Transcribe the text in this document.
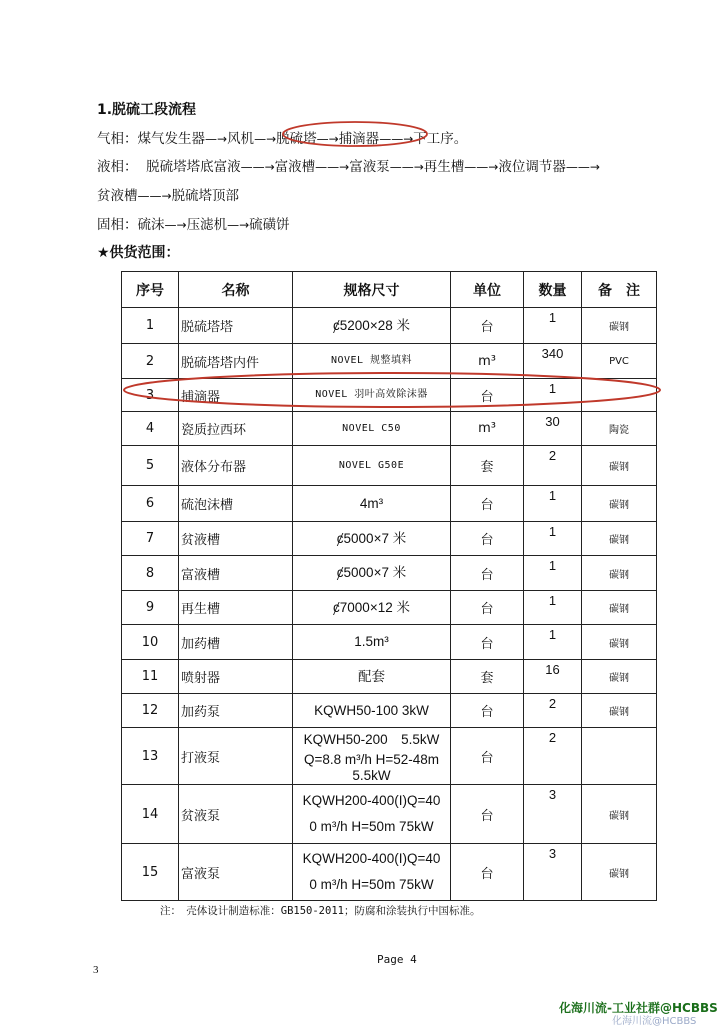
1.脱硫工段流程
气相：煤气发生器—→风机—→脱硫塔—→捕滴器——→下工序。
液相： 脱硫塔塔底富液——→富液槽——→富液泵——→再生槽——→液位调节器——→
贫液槽——→脱硫塔顶部
固相：硫沫—→压滤机—→硫磺饼
★供货范围：
序号	名称	规格尺寸	单位	数量	备　注
1	脱硫塔塔	ȼ5200×28 米	台	1	碳钢
2	脱硫塔塔内件	NOVEL 规整填料	m³	340	PVC
3	捕滴器	NOVEL 羽叶高效除沫器	台	1	
4	瓷质拉西环	NOVEL C50	m³	30	陶瓷
5	液体分布器	NOVEL G50E	套	2	碳钢
6	硫泡沫槽	4m³	台	1	碳钢
7	贫液槽	ȼ5000×7 米	台	1	碳钢
8	富液槽	ȼ5000×7 米	台	1	碳钢
9	再生槽	ȼ7000×12 米	台	1	碳钢
10	加药槽	1.5m³	台	1	碳钢
11	喷射器	配套	套	16	碳钢
12	加药泵	KQWH50-100 3kW	台	2	碳钢
13	打液泵	KQWH50-200　5.5kW
Q=8.8 m³/h H=52-48m
5.5kW	台	2	
14	贫液泵	KQWH200-400(I)Q=40
0 m³/h H=50m 75kW	台	3	碳钢
15	富液泵	KQWH200-400(I)Q=40
0 m³/h H=50m 75kW	台	3	碳钢
注：　壳体设计制造标准：GB150-2011；防腐和涂装执行中国标准。
Page 4
3
化海川流-工业社群@HCBBS
化海川流@HCBBS
